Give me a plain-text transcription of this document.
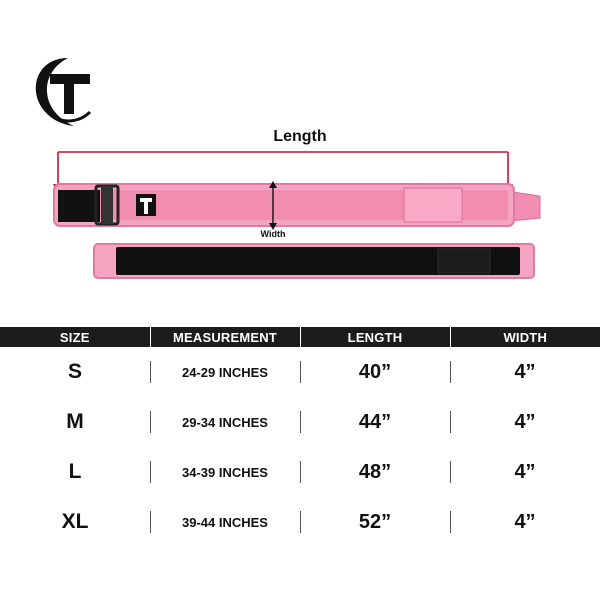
Length
Width
SIZE	MEASUREMENT	LENGTH	WIDTH
S	24-29 INCHES	40”	4”
M	29-34 INCHES	44”	4”
L	34-39 INCHES	48”	4”
XL	39-44 INCHES	52”	4”
